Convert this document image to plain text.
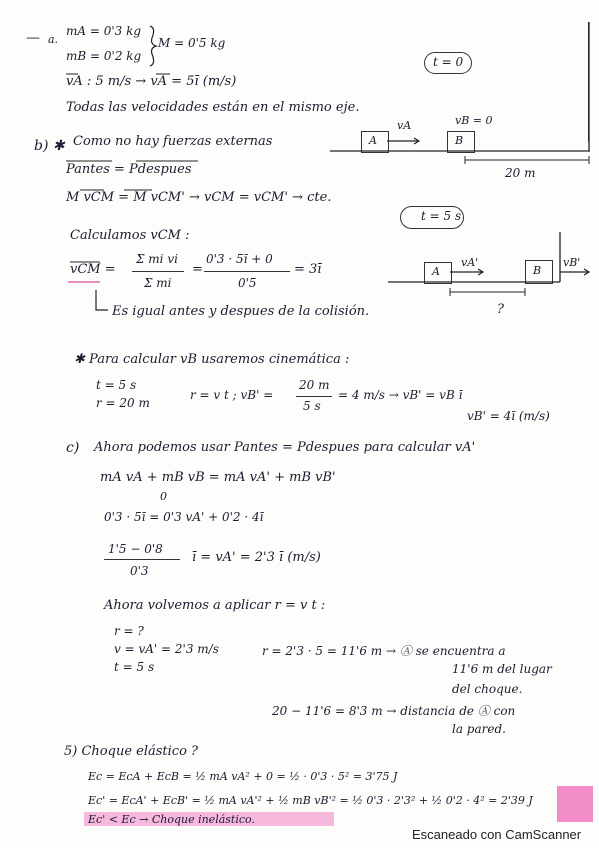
— a.
mA = 0'3 kg
mB = 0'2 kg
M = 0'5 kg
vA : 5 m/s → vA = 5ī (m/s)
t = 0
Todas las velocidades están en el mismo eje.
A	B
vA	vB = 0
20 m
b) ✱ Como no hay fuerzas externas
Pantes = Pdespues
M vCM = M vCM' → vCM = vCM' → cte.
t = 5 s
Calculamos vCM :
vCM =
Σ mi vi
Σ mi
=
0'3 · 5ī + 0
0'5
= 3ī
Es igual antes y despues de la colisión.
A	B
vA'	vB'
?
✱ Para calcular vB usaremos cinemática :
t = 5 s
r = 20 m
r = v t ; vB' =
20 m
5 s
= 4 m/s → vB' = vB ī
vB' = 4ī (m/s)
c) Ahora podemos usar Pantes = Pdespues para calcular vA'
mA vA + mB vB = mA vA' + mB vB'
0
0'3 · 5ī = 0'3 vA' + 0'2 · 4ī
1'5 − 0'8
0'3
ī = vA' = 2'3 ī (m/s)
Ahora volvemos a aplicar r = v t :
r = ?
v = vA' = 2'3 m/s
t = 5 s
r = 2'3 · 5 = 11'6 m → Ⓐ se encuentra a
11'6 m del lugar
del choque.
20 − 11'6 = 8'3 m → distancia de Ⓐ con
la pared.
5) Choque elástico ?
Ec = EcA + EcB = ½ mA vA² + 0 = ½ · 0'3 · 5² = 3'75 J
Ec' = EcA' + EcB' = ½ mA vA'² + ½ mB vB'² = ½ 0'3 · 2'3² + ½ 0'2 · 4² = 2'39 J
Ec' < Ec → Choque inelástico.
Escaneado con CamScanner
